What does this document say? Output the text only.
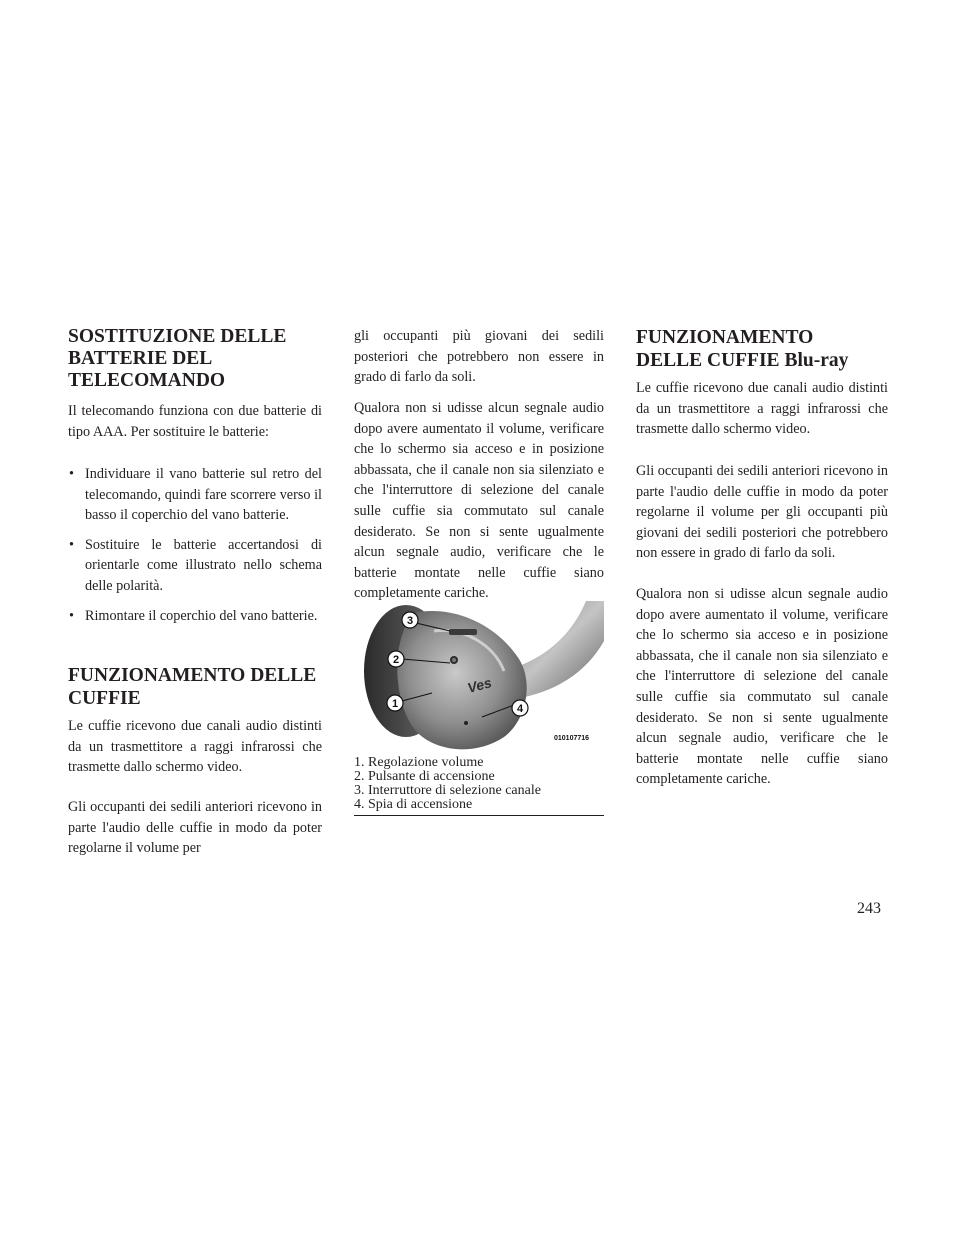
SOSTITUZIONE DELLE BATTERIE DEL TELECOMANDO

Il telecomando funziona con due batterie di tipo AAA. Per sostituire le batterie:

• Individuare il vano batterie sul retro del telecomando, quindi fare scorrere verso il basso il coperchio del vano batterie.
• Sostituire le batterie accertandosi di orientarle come illustrato nello schema delle polarità.
• Rimontare il coperchio del vano batterie.
FUNZIONAMENTO DELLE CUFFIE

Le cuffie ricevono due canali audio distinti da un trasmettitore a raggi infrarossi che trasmette dallo schermo video.

Gli occupanti dei sedili anteriori ricevono in parte l'audio delle cuffie in modo da poter regolarne il volume per

gli occupanti più giovani dei sedili posteriori che potrebbero non essere in grado di farlo da soli.

Qualora non si udisse alcun segnale audio dopo avere aumentato il volume, verificare che lo schermo sia acceso e in posizione abbassata, che il canale non sia silenziato e che l'interruttore di selezione del canale sulle cuffie sia commutato sul canale desiderato. Se non si sente ugualmente alcun segnale audio, verificare che le batterie montate nelle cuffie siano completamente cariche.

Ves
3
2
1	4
010107716
1. Regolazione volume
2. Pulsante di accensione
3. Interruttore di selezione canale
4. Spia di accensione
FUNZIONAMENTO DELLE CUFFIE Blu-ray

Le cuffie ricevono due canali audio distinti da un trasmettitore a raggi infrarossi che trasmette dallo schermo video.

Gli occupanti dei sedili anteriori ricevono in parte l'audio delle cuffie in modo da poter regolarne il volume per gli occupanti più giovani dei sedili posteriori che potrebbero non essere in grado di farlo da soli.

Qualora non si udisse alcun segnale audio dopo avere aumentato il volume, verificare che lo schermo sia acceso e in posizione abbassata, che il canale non sia silenziato e che l'interruttore di selezione del canale sulle cuffie sia commutato sul canale desiderato. Se non si sente ugualmente alcun segnale audio, verificare che le batterie montate nelle cuffie siano completamente cariche.

243
